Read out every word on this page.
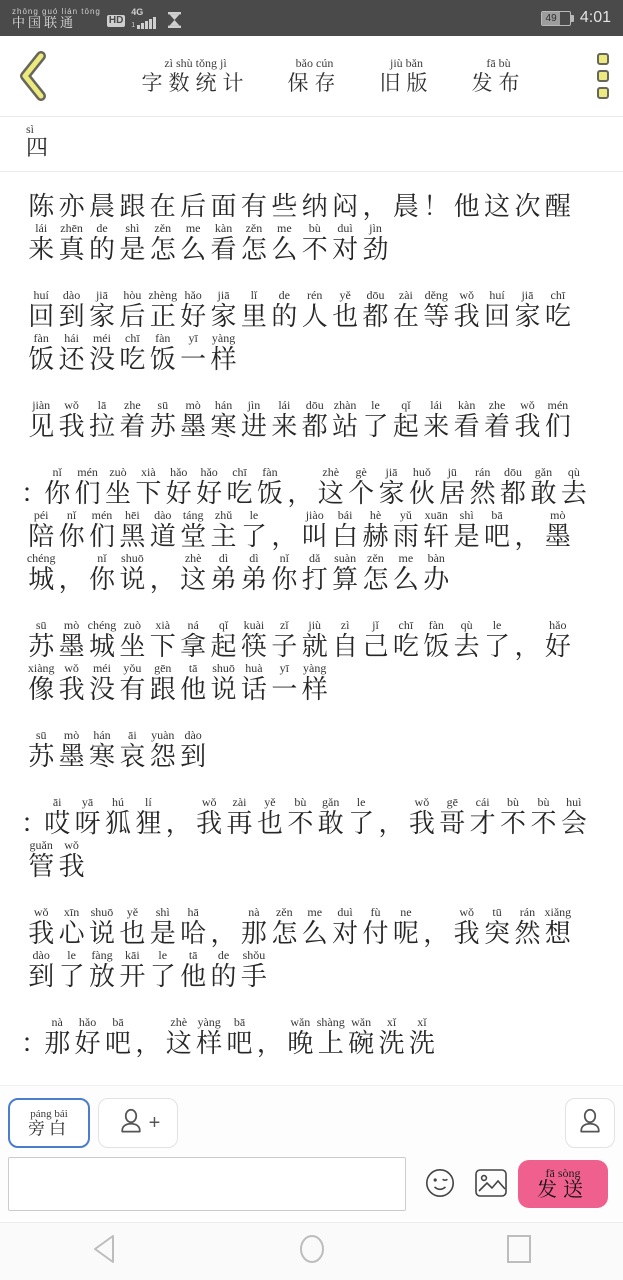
zhōng guó lián tōng
中国联通	HD
4G
1
49 4:01
zì shù tǒng jì
字数统计
bǎo cún
保存
jiù bǎn
旧版
fā bù
发布
sì
四
陈 亦 晨 跟 在 后 面 有 些 纳 闷 ， 晨 ！ 他 这 次 醒
lái
来
zhēn
真
de
的
shì
是
zěn
怎
me
么
kàn
看
zěn
怎
me
么
bù
不
duì
对
jìn
劲
huí
回
dào
到
jiā
家
hòu
后
zhèng
正
hǎo
好
jiā
家
lǐ
里
de
的
rén
人
yě
也
dōu
都
zài
在
děng
等
wǒ
我
huí
回
jiā
家
chī
吃
fàn
饭
hái
还
méi
没
chī
吃
fàn
饭
yī
一
yàng
样
jiàn
见
wǒ
我
lā
拉
zhe
着
sū
苏
mò
墨
hán
寒
jìn
进
lái
来
dōu
都
zhàn
站
le
了
qǐ
起
lái
来
kàn
看
zhe
着
wǒ
我
mén
们
：
nǐ
你
mén
们
zuò
坐
xià
下
hǎo
好
hǎo
好
chī
吃
fàn
饭 ，
zhè
这
gè
个
jiā
家
huǒ
伙
jū
居
rán
然
dōu
都
gǎn
敢
qù
去
péi
陪
nǐ
你
mén
们
hēi
黑
dào
道
táng
堂
zhǔ
主
le
了 ，
jiào
叫
bái
白
hè
赫
yǔ
雨
xuān
轩
shì
是
bā
吧 ，
mò
墨
chéng
城 ，
nǐ
你
shuō
说 ，
zhè
这
dì
弟
dì
弟
nǐ
你
dǎ
打
suàn
算
zěn
怎
me
么
bàn
办
sū
苏
mò
墨
chéng
城
zuò
坐
xià
下
ná
拿
qǐ
起
kuài
筷
zǐ
子
jiù
就
zì
自
jǐ
己
chī
吃
fàn
饭
qù
去
le
了 ，
hǎo
好
xiàng
像
wǒ
我
méi
没
yǒu
有
gēn
跟
tā
他
shuō
说
huà
话
yī
一
yàng
样
sū
苏
mò
墨
hán
寒
āi
哀
yuàn
怨
dào
到
：
āi
哎
yā
呀
hú
狐
lí
狸 ，
wǒ
我
zài
再
yě
也
bù
不
gǎn
敢
le
了 ，
wǒ
我
gē
哥
cái
才
bù
不
bù
不
huì
会
guǎn
管
wǒ
我
wǒ
我
xīn
心
shuō
说
yě
也
shì
是
hā
哈 ，
nà
那
zěn
怎
me
么
duì
对
fù
付
ne
呢 ，
wǒ
我
tū
突
rán
然
xiǎng
想
dào
到
le
了
fàng
放
kāi
开
le
了
tā
他
de
的
shǒu
手
：
nà
那
hǎo
好
bā
吧 ，
zhè
这
yàng
样
bā
吧 ，
wǎn
晚
shàng
上
wǎn
碗
xǐ
洗
xǐ
洗
páng bái
旁白	+
fā sòng
发送
